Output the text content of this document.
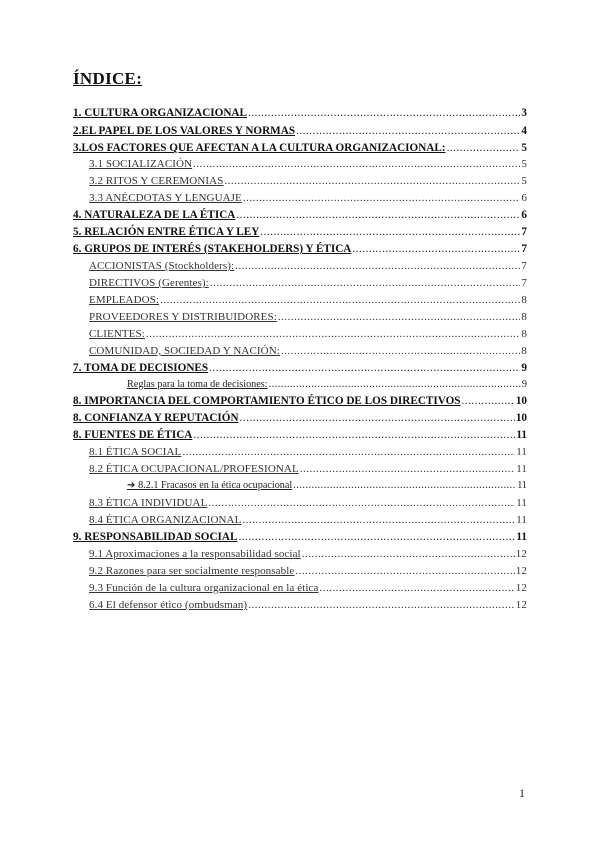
ÍNDICE:
1. CULTURA ORGANIZACIONAL .....	3
2.EL PAPEL DE LOS VALORES Y NORMAS .....	4
3.LOS FACTORES QUE AFECTAN A LA CULTURA ORGANIZACIONAL: .....	5
3.1 SOCIALIZACIÓN .....	5
3.2 RITOS Y CEREMONIAS .....	5
3.3 ANÉCDOTAS Y LENGUAJE .....	6
4. NATURALEZA DE LA ÉTICA .....	6
5. RELACIÓN ENTRE ÉTICA Y LEY .....	7
6. GRUPOS DE INTERÉS (STAKEHOLDERS) Y ÉTICA .....	7
ACCIONISTAS (Stockholders): .....	7
DIRECTIVOS (Gerentes): .....	7
EMPLEADOS: .....	8
PROVEEDORES Y DISTRIBUIDORES: .....	8
CLIENTES: .....	8
COMUNIDAD, SOCIEDAD Y NACIÓN: .....	8
7. TOMA DE DECISIONES .....	9
Reglas para la toma de decisiones: .....	9
8. IMPORTANCIA DEL COMPORTAMIENTO ÉTICO DE LOS DIRECTIVOS .....	10
8. CONFIANZA Y REPUTACIÓN .....	10
8. FUENTES DE ÉTICA .....	11
8.1 ÉTICA SOCIAL .....	11
8.2 ÉTICA OCUPACIONAL/PROFESIONAL .....	11
➔ 8.2.1 Fracasos en la ética ocupacional .....	11
8.3 ÉTICA INDIVIDUAL .....	11
8.4 ÉTICA ORGANIZACIONAL .....	11
9. RESPONSABILIDAD SOCIAL .....	11
9.1 Aproximaciones a la responsabilidad social .....	12
9.2 Razones para ser socialmente responsable .....	12
9.3 Función de la cultura organizacional en la ética .....	12
6.4 El defensor ético (ombudsman) .....	12
1
